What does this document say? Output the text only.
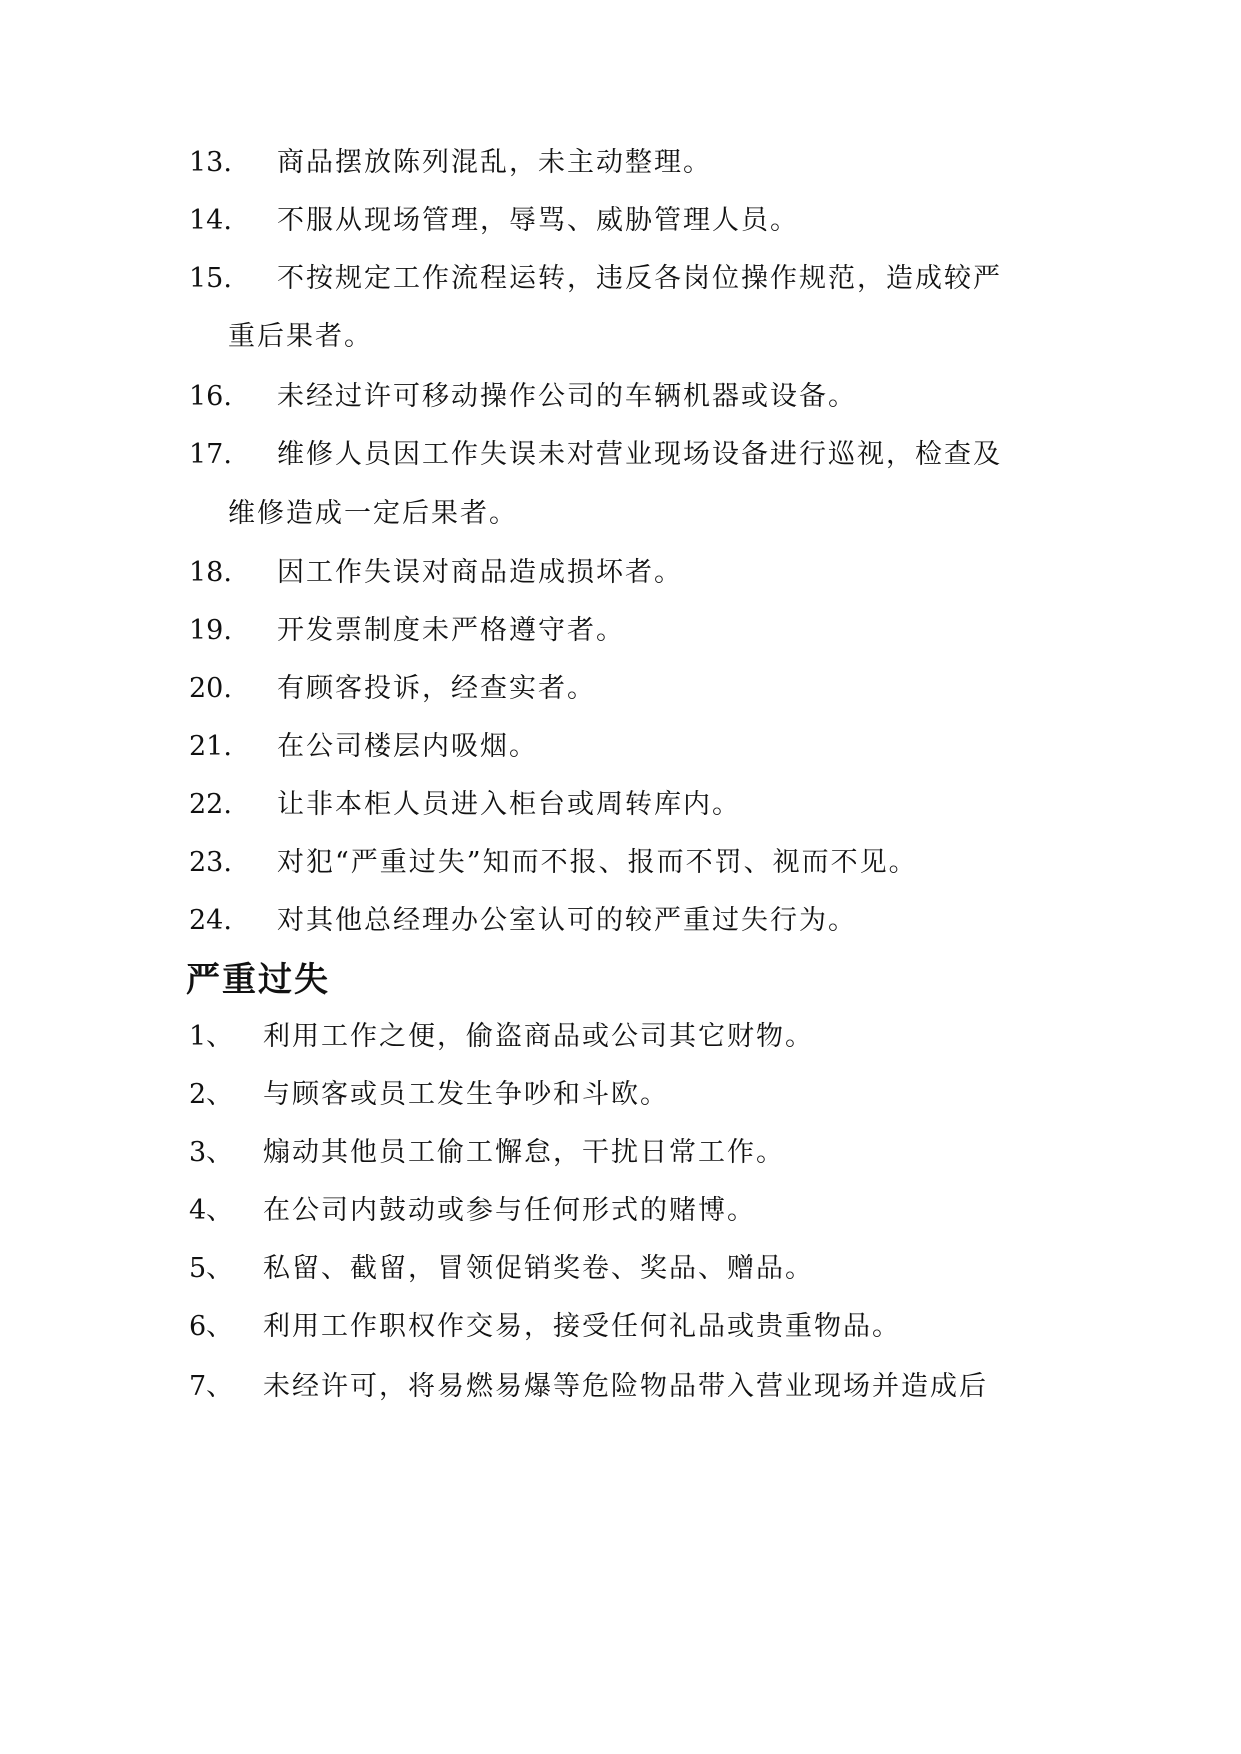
13. 商品摆放陈列混乱，未主动整理。
14. 不服从现场管理，辱骂、威胁管理人员。
15. 不按规定工作流程运转，违反各岗位操作规范，造成较严
重后果者。
16. 未经过许可移动操作公司的车辆机器或设备。
17. 维修人员因工作失误未对营业现场设备进行巡视，检查及
维修造成一定后果者。
18. 因工作失误对商品造成损坏者。
19. 开发票制度未严格遵守者。
20. 有顾客投诉，经查实者。
21. 在公司楼层内吸烟。
22. 让非本柜人员进入柜台或周转库内。
23. 对犯“严重过失”知而不报、报而不罚、视而不见。
24. 对其他总经理办公室认可的较严重过失行为。
严重过失
1、 利用工作之便，偷盗商品或公司其它财物。
2、 与顾客或员工发生争吵和斗欧。
3、 煽动其他员工偷工懈怠，干扰日常工作。
4、 在公司内鼓动或参与任何形式的赌博。
5、 私留、截留，冒领促销奖卷、奖品、赠品。
6、 利用工作职权作交易，接受任何礼品或贵重物品。
7、 未经许可，将易燃易爆等危险物品带入营业现场并造成后
